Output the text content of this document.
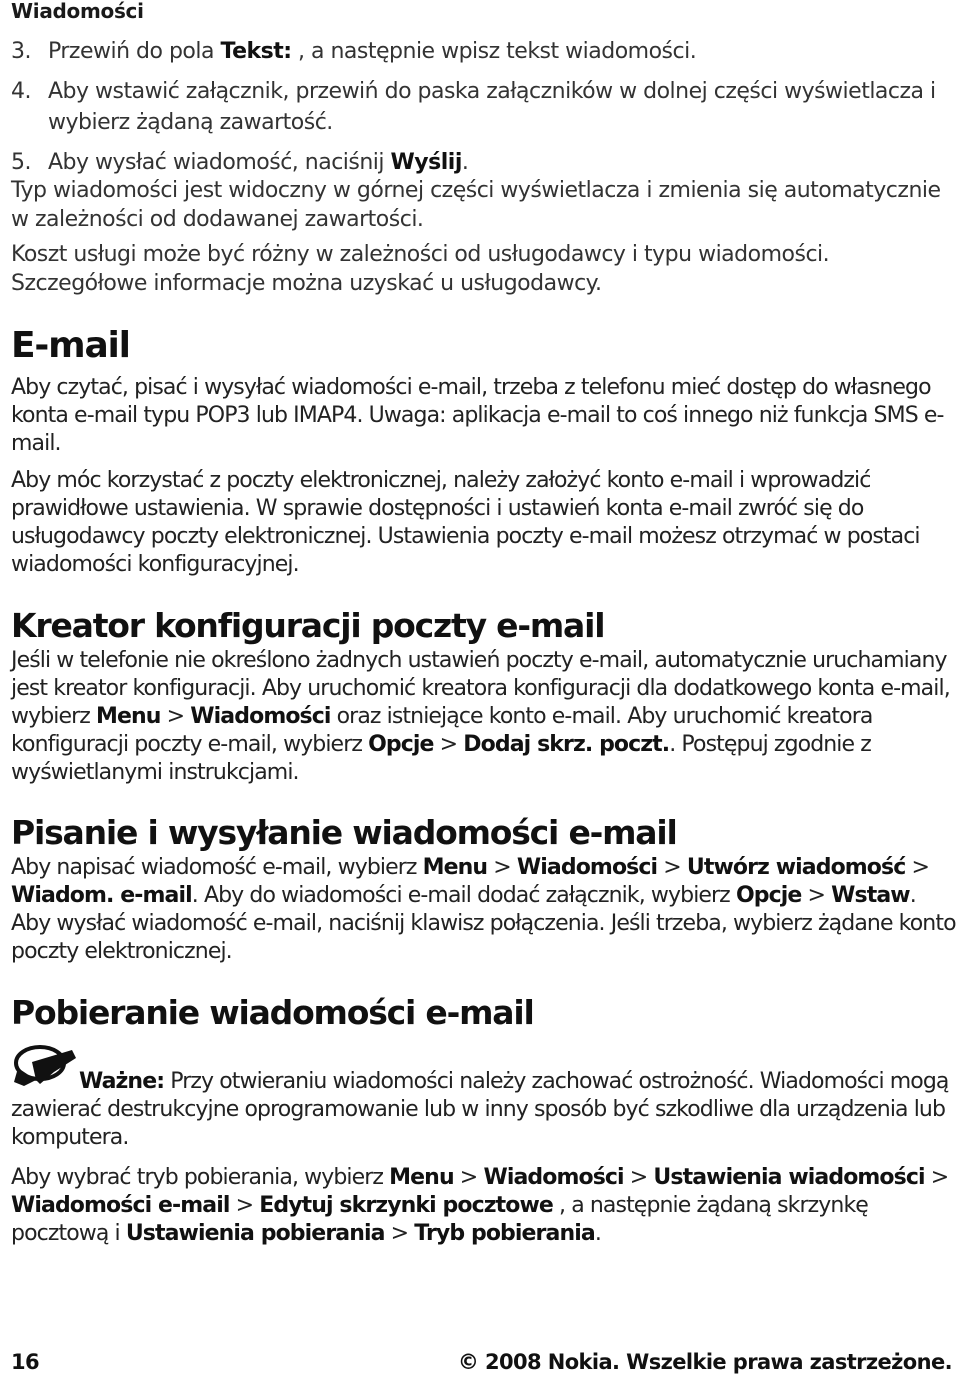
Wiadomości
3. Przewiń do pola Tekst: , a następnie wpisz tekst wiadomości.
4. Aby wstawić załącznik, przewiń do paska załączników w dolnej części wyświetlacza i wybierz żądaną zawartość.
5. Aby wysłać wiadomość, naciśnij Wyślij.

Typ wiadomości jest widoczny w górnej części wyświetlacza i zmienia się automatycznie w zależności od dodawanej zawartości.

Koszt usługi może być różny w zależności od usługodawcy i typu wiadomości. Szczegółowe informacje można uzyskać u usługodawcy.

E-mail

Aby czytać, pisać i wysyłać wiadomości e-mail, trzeba z telefonu mieć dostęp do własnego konta e-mail typu POP3 lub IMAP4. Uwaga: aplikacja e-mail to coś innego niż funkcja SMS e-mail.

Aby móc korzystać z poczty elektronicznej, należy założyć konto e-mail i wprowadzić prawidłowe ustawienia. W sprawie dostępności i ustawień konta e-mail zwróć się do usługodawcy poczty elektronicznej. Ustawienia poczty e-mail możesz otrzymać w postaci wiadomości konfiguracyjnej.

Kreator konfiguracji poczty e-mail

Jeśli w telefonie nie określono żadnych ustawień poczty e-mail, automatycznie uruchamiany jest kreator konfiguracji. Aby uruchomić kreatora konfiguracji dla dodatkowego konta e-mail, wybierz Menu > Wiadomości oraz istniejące konto e-mail. Aby uruchomić kreatora konfiguracji poczty e-mail, wybierz Opcje > Dodaj skrz. poczt.. Postępuj zgodnie z wyświetlanymi instrukcjami.

Pisanie i wysyłanie wiadomości e-mail

Aby napisać wiadomość e-mail, wybierz Menu > Wiadomości > Utwórz wiadomość > Wiadom. e-mail. Aby do wiadomości e-mail dodać załącznik, wybierz Opcje > Wstaw. Aby wysłać wiadomość e-mail, naciśnij klawisz połączenia. Jeśli trzeba, wybierz żądane konto poczty elektronicznej.

Pobieranie wiadomości e-mail

Ważne: Przy otwieraniu wiadomości należy zachować ostrożność. Wiadomości mogą zawierać destrukcyjne oprogramowanie lub w inny sposób być szkodliwe dla urządzenia lub komputera.

Aby wybrać tryb pobierania, wybierz Menu > Wiadomości > Ustawienia wiadomości > Wiadomości e-mail > Edytuj skrzynki pocztowe , a następnie żądaną skrzynkę pocztową i Ustawienia pobierania > Tryb pobierania.

16	© 2008 Nokia. Wszelkie prawa zastrzeżone.
